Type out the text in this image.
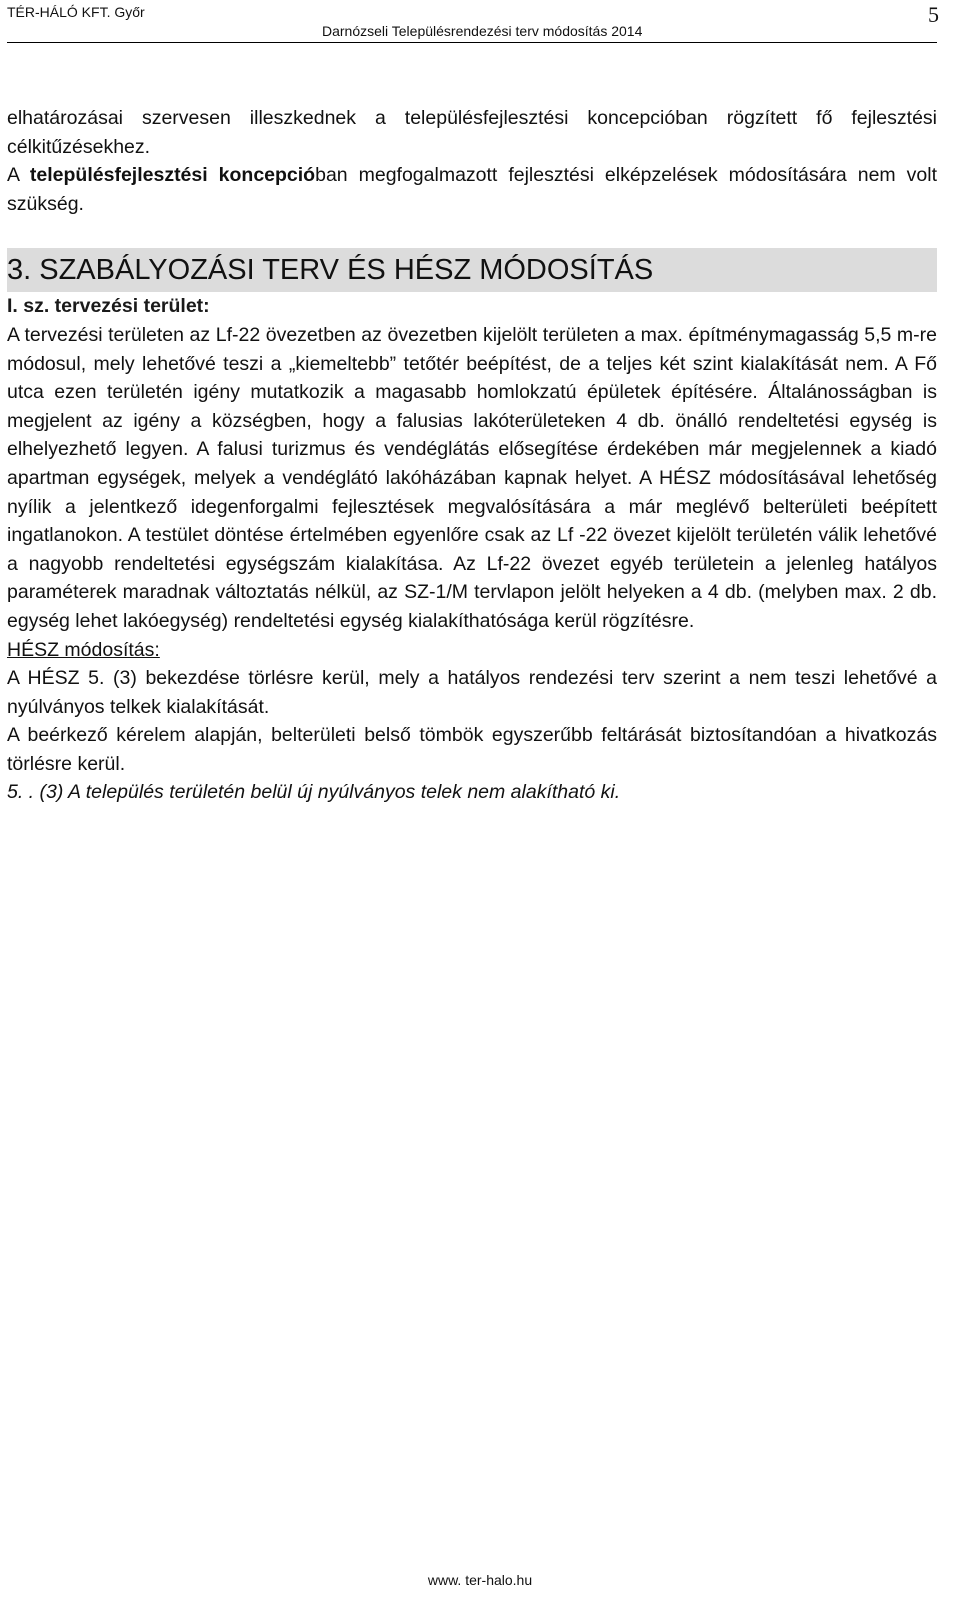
TÉR-HÁLÓ KFT. Győr
Darnózseli Településrendezési terv módosítás 2014
5

elhatározásai szervesen illeszkednek a településfejlesztési koncepcióban rögzített fő fejlesztési célkitűzésekhez.

A településfejlesztési koncepcióban megfogalmazott fejlesztési elképzelések módosítására nem volt szükség.

3. SZABÁLYOZÁSI TERV ÉS HÉSZ MÓDOSÍTÁS

I. sz. tervezési terület:

A tervezési területen az Lf-22 övezetben az övezetben kijelölt területen a max. építménymagasság 5,5 m-re módosul, mely lehetővé teszi a „kiemeltebb” tetőtér beépítést, de a teljes két szint kialakítását nem. A Fő utca ezen területén igény mutatkozik a magasabb homlokzatú épületek építésére. Általánosságban is megjelent az igény a községben, hogy a falusias lakóterületeken 4 db. önálló rendeltetési egység is elhelyezhető legyen. A falusi turizmus és vendéglátás elősegítése érdekében már megjelennek a kiadó apartman egységek, melyek a vendéglátó lakóházában kapnak helyet. A HÉSZ módosításával lehetőség nyílik a jelentkező idegenforgalmi fejlesztések megvalósítására a már meglévő belterületi beépített ingatlanokon. A testület döntése értelmében egyenlőre csak az Lf -22 övezet kijelölt területén válik lehetővé a nagyobb rendeltetési egységszám kialakítása. Az Lf-22 övezet egyéb területein a jelenleg hatályos paraméterek maradnak változtatás nélkül, az SZ-1/M tervlapon jelölt helyeken a 4 db. (melyben max. 2 db. egység lehet lakóegység) rendeltetési egység kialakíthatósága kerül rögzítésre.

HÉSZ módosítás:

A HÉSZ 5. (3) bekezdése törlésre kerül, mely a hatályos rendezési terv szerint a nem teszi lehetővé a nyúlványos telkek kialakítását.

A beérkező kérelem alapján, belterületi belső tömbök egyszerűbb feltárását biztosítandóan a hivatkozás törlésre kerül.

5. . (3) A település területén belül új nyúlványos telek nem alakítható ki.

www. ter-halo.hu
